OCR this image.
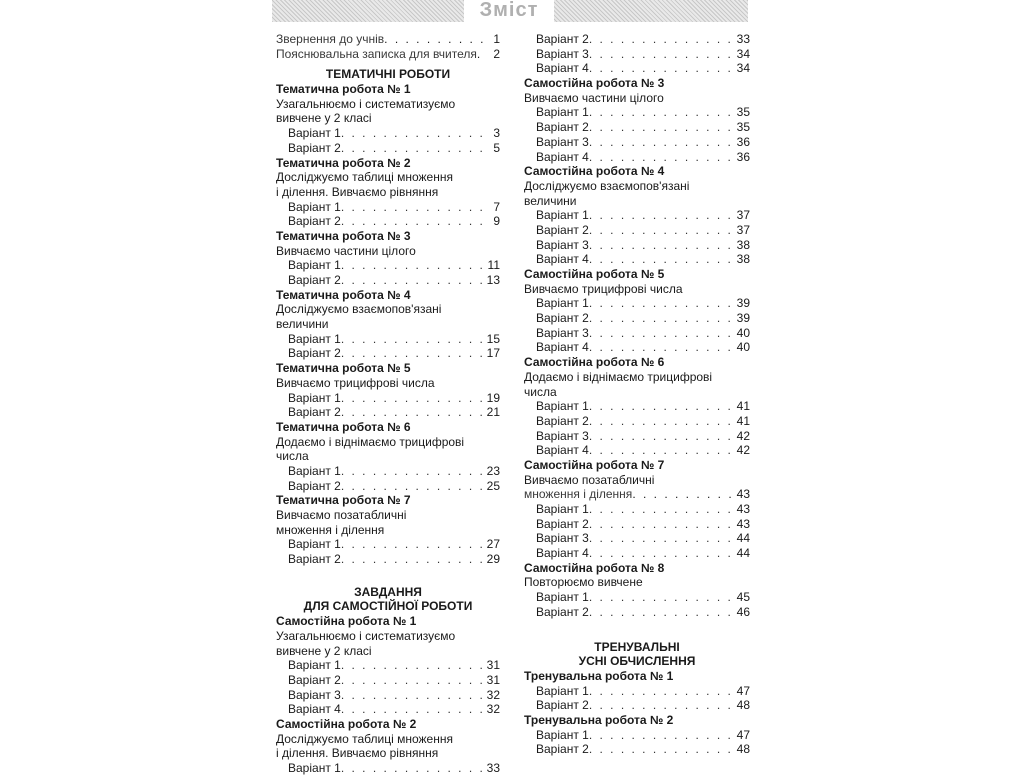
Зміст
Звернення до учнів . . .	1
Пояснювальна записка для вчителя . . .	2
ТЕМАТИЧНІ РОБОТИ
Тематична робота № 1
Узагальнюємо і систематизуємо
вивчене у 2 класі
Варіант 1 . . .	3
Варіант 2 . . .	5
Тематична робота № 2
Досліджуємо таблиці множення
і ділення. Вивчаємо рівняння
Варіант 1 . . .	7
Варіант 2 . . .	9
Тематична робота № 3
Вивчаємо частини цілого
Варіант 1 . . .	11
Варіант 2 . . .	13
Тематична робота № 4
Досліджуємо взаємопов'язані
величини
Варіант 1 . . .	15
Варіант 2 . . .	17
Тематична робота № 5
Вивчаємо трицифрові числа
Варіант 1 . . .	19
Варіант 2 . . .	21
Тематична робота № 6
Додаємо і віднімаємо трицифрові
числа
Варіант 1 . . .	23
Варіант 2 . . .	25
Тематична робота № 7
Вивчаємо позатабличні
множення і ділення
Варіант 1 . . .	27
Варіант 2 . . .	29
ЗАВДАННЯ
ДЛЯ САМОСТІЙНОЇ РОБОТИ
Самостійна робота № 1
Узагальнюємо і систематизуємо
вивчене у 2 класі
Варіант 1 . . .	31
Варіант 2 . . .	31
Варіант 3 . . .	32
Варіант 4 . . .	32
Самостійна робота № 2
Досліджуємо таблиці множення
і ділення. Вивчаємо рівняння
Варіант 1 . . .	33
Варіант 2 . . .	33
Варіант 3 . . .	34
Варіант 4 . . .	34
Самостійна робота № 3
Вивчаємо частини цілого
Варіант 1 . . .	35
Варіант 2 . . .	35
Варіант 3 . . .	36
Варіант 4 . . .	36
Самостійна робота № 4
Досліджуємо взаємопов'язані
величини
Варіант 1 . . .	37
Варіант 2 . . .	37
Варіант 3 . . .	38
Варіант 4 . . .	38
Самостійна робота № 5
Вивчаємо трицифрові числа
Варіант 1 . . .	39
Варіант 2 . . .	39
Варіант 3 . . .	40
Варіант 4 . . .	40
Самостійна робота № 6
Додаємо і віднімаємо трицифрові
числа
Варіант 1 . . .	41
Варіант 2 . . .	41
Варіант 3 . . .	42
Варіант 4 . . .	42
Самостійна робота № 7
Вивчаємо позатабличні
множення і ділення . . .	43
Варіант 1 . . .	43
Варіант 2 . . .	43
Варіант 3 . . .	44
Варіант 4 . . .	44
Самостійна робота № 8
Повторюємо вивчене
Варіант 1 . . .	45
Варіант 2 . . .	46
ТРЕНУВАЛЬНІ
УСНІ ОБЧИСЛЕННЯ
Тренувальна робота № 1
Варіант 1 . . .	47
Варіант 2 . . .	48
Тренувальна робота № 2
Варіант 1 . . .	47
Варіант 2 . . .	48
